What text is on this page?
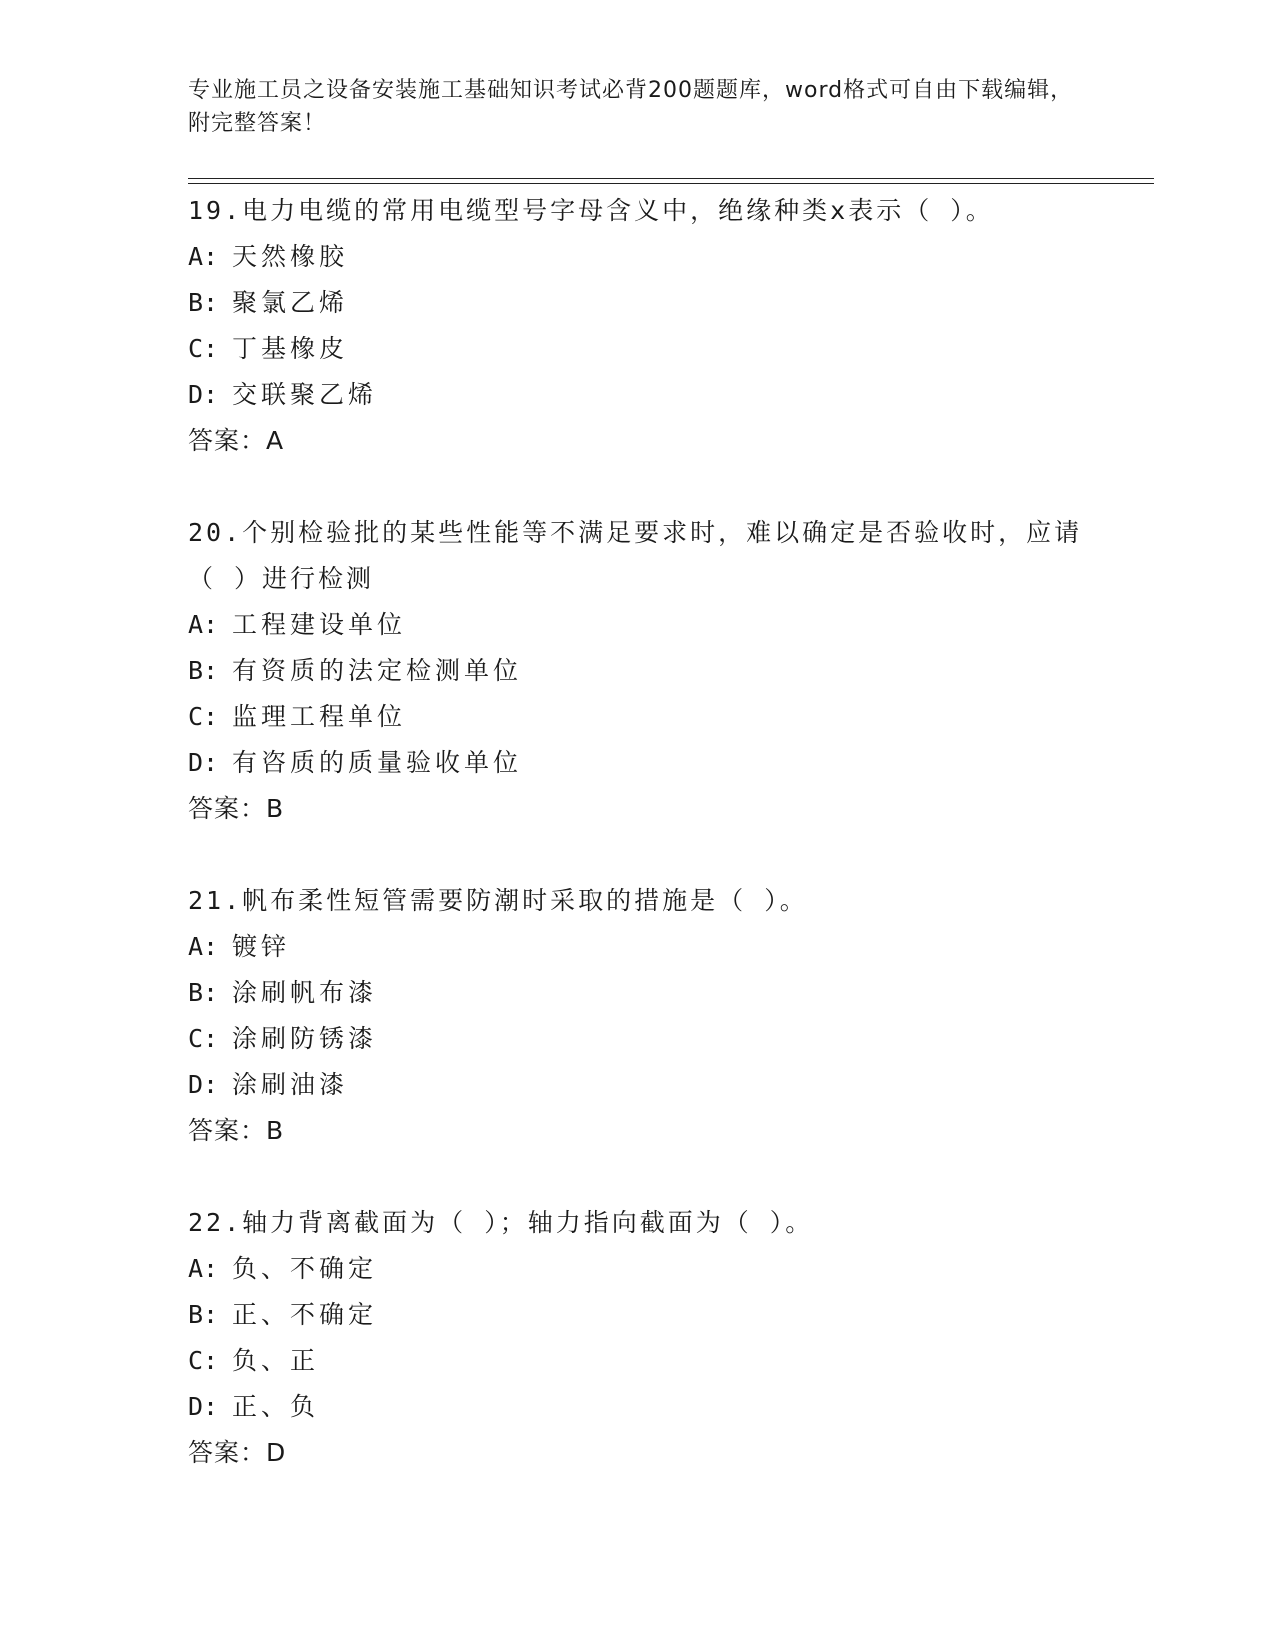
专业施工员之设备安装施工基础知识考试必背200题题库，word格式可自由下载编辑，附完整答案！
19.电力电缆的常用电缆型号字母含义中，绝缘种类x表示（ ）。
A: 天然橡胶
B: 聚氯乙烯
C: 丁基橡皮
D: 交联聚乙烯
答案：A
20.个别检验批的某些性能等不满足要求时，难以确定是否验收时，应请（ ）进行检测
A: 工程建设单位
B: 有资质的法定检测单位
C: 监理工程单位
D: 有咨质的质量验收单位
答案：B
21.帆布柔性短管需要防潮时采取的措施是（ ）。
A: 镀锌
B: 涂刷帆布漆
C: 涂刷防锈漆
D: 涂刷油漆
答案：B
22.轴力背离截面为（ ）；轴力指向截面为（ ）。
A: 负、不确定
B: 正、不确定
C: 负、正
D: 正、负
答案：D
